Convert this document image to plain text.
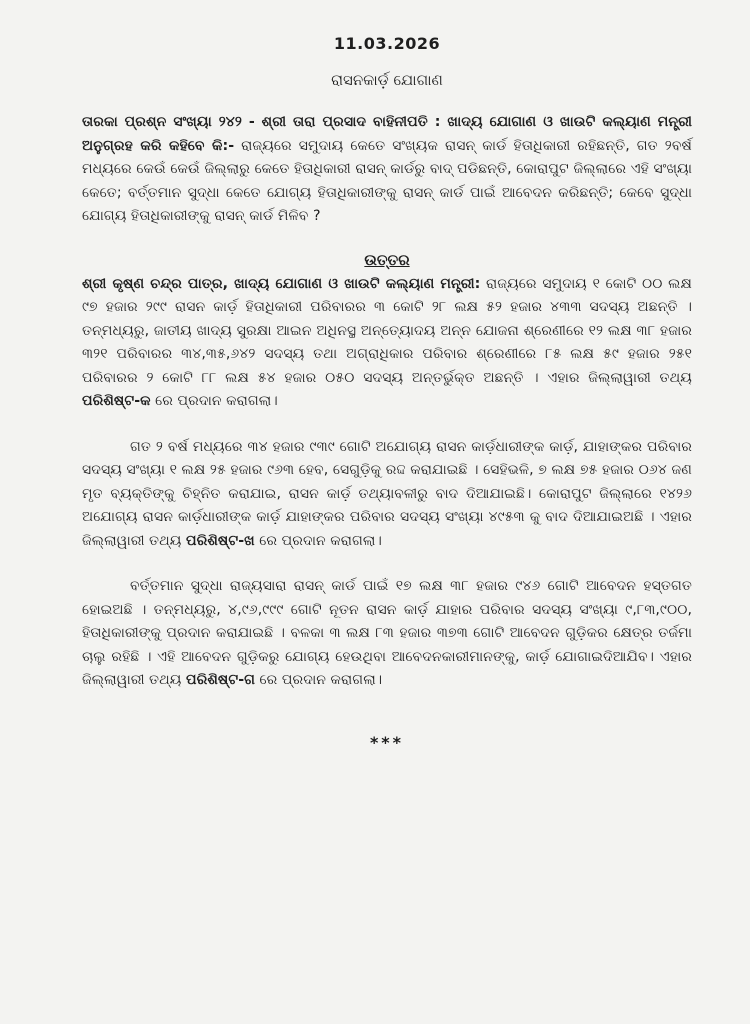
11.03.2026
ରାସନକାର୍ଡ଼ ଯୋଗାଣ
ତାରକା ପ୍ରଶ୍ନ ସଂଖ୍ୟା ୨୪୨ - ଶ୍ରୀ ତାରା ପ୍ରସାଦ ବାହିନୀପତି : ଖାଦ୍ୟ ଯୋଗାଣ ଓ ଖାଉଟି କଲ୍ୟାଣ ମନ୍ତ୍ରୀ ଅନୁଗ୍ରହ କରି କହିବେ କି:- ରାଜ୍ୟରେ ସମୁଦାୟ କେତେ ସଂଖ୍ୟକ ରାସନ୍ କାର୍ଡ ହିତାଧିକାରୀ ରହିଛନ୍ତି, ଗତ ୨ବର୍ଷ ମଧ୍ୟରେ କେଉଁ କେଉଁ ଜିଲ୍ଲାରୁ କେତେ ହିତାଧିକାରୀ ରାସନ୍ କାର୍ଡରୁ ବାଦ୍ ପଡିଛନ୍ତି, କୋରାପୁଟ ଜିଲ୍ଲାରେ ଏହି ସଂଖ୍ୟା କେତେ; ବର୍ତ୍ତମାନ ସୁଦ୍ଧା କେତେ ଯୋଗ୍ୟ ହିତାଧିକାରୀଙ୍କୁ ରାସନ୍ କାର୍ଡ ପାଇଁ ଆବେଦନ କରିଛନ୍ତି; କେବେ ସୁଦ୍ଧା ଯୋଗ୍ୟ ହିତାଧିକାରୀଙ୍କୁ ରାସନ୍ କାର୍ଡ ମିଳିବ ?
ଉତ୍ତର
ଶ୍ରୀ କୃଷ୍ଣ ଚନ୍ଦ୍ର ପାତ୍ର, ଖାଦ୍ୟ ଯୋଗାଣ ଓ ଖାଉଟି କଲ୍ୟାଣ ମନ୍ତ୍ରୀ: ରାଜ୍ୟରେ ସମୁଦାୟ ୧ କୋଟି ୦୦ ଲକ୍ଷ ୯୭ ହଜାର ୨୯୯ ରାସନ କାର୍ଡ଼ ହିତାଧିକାରୀ ପରିବାରର ୩ କୋଟି ୨୮ ଲକ୍ଷ ୫୨ ହଜାର ୪୩୩ ସଦସ୍ୟ ଅଛନ୍ତି । ତନ୍ମଧ୍ୟରୁ, ଜାତୀୟ ଖାଦ୍ୟ ସୁରକ୍ଷା ଆଇନ ଅଧିନସ୍ଥ ଅନ୍ତ୍ୟୋଦୟ ଅନ୍ନ ଯୋଜନା ଶ୍ରେଣୀରେ ୧୨ ଲକ୍ଷ ୩୮ ହଜାର ୩୨୧ ପରିବାରର ୩୪,୩୫,୬୪୨ ସଦସ୍ୟ ତଥା ଅଗ୍ରାଧିକାର ପରିବାର ଶ୍ରେଣୀରେ ୮୫ ଲକ୍ଷ ୫୯ ହଜାର ୨୫୧ ପରିବାରର ୨ କୋଟି ୮୮ ଲକ୍ଷ ୫୪ ହଜାର ୦୫୦ ସଦସ୍ୟ ଅନ୍ତର୍ଭୁକ୍ତ ଅଛନ୍ତି । ଏହାର ଜିଲ୍ଲାୱାରୀ ତଥ୍ୟ ପରିଶିଷ୍ଟ-କ ରେ ପ୍ରଦାନ କରାଗଲା।
ଗତ ୨ ବର୍ଷ ମଧ୍ୟରେ ୩୪ ହଜାର ୯୩୯ ଗୋଟି ଅଯୋଗ୍ୟ ରାସନ କାର୍ଡ଼ଧାରୀଙ୍କ କାର୍ଡ଼, ଯାହାଙ୍କର ପରିବାର ସଦସ୍ୟ ସଂଖ୍ୟା ୧ ଲକ୍ଷ ୨୫ ହଜାର ୯୬୩ ହେବ, ସେଗୁଡ଼ିକୁ ରଦ୍ଦ କରାଯାଇଛି । ସେହିଭଳି, ୭ ଲକ୍ଷ ୭୫ ହଜାର ୦୬୪ ଜଣ ମୃତ ବ୍ୟକ୍ତିଙ୍କୁ ଚିହ୍ନିତ କରାଯାଇ, ରାସନ କାର୍ଡ଼ ତଥ୍ୟାବଳୀରୁ ବାଦ ଦିଆଯାଇଛି। କୋରାପୁଟ ଜିଲ୍ଲାରେ ୧୪୨୬ ଅଯୋଗ୍ୟ ରାସନ କାର୍ଡ଼ଧାରୀଙ୍କ କାର୍ଡ଼ ଯାହାଙ୍କର ପରିବାର ସଦସ୍ୟ ସଂଖ୍ୟା ୪୯୫୩ କୁ ବାଦ ଦିଆଯାଇଅଛି । ଏହାର ଜିଲ୍ଲାୱାରୀ ତଥ୍ୟ ପରିଶିଷ୍ଟ-ଖ ରେ ପ୍ରଦାନ କରାଗଲା।
ବର୍ତ୍ତମାନ ସୁଦ୍ଧା ରାଜ୍ୟସାରା ରାସନ୍ କାର୍ଡ ପାଇଁ ୧୭ ଲକ୍ଷ ୩୮ ହଜାର ୯୪୬ ଗୋଟି ଆବେଦନ ହସ୍ତଗତ ହୋଇଅଛି । ତନ୍ମଧ୍ୟରୁ, ୪,୯୬,୯୯୯ ଗୋଟି ନୂତନ ରାସନ କାର୍ଡ଼ ଯାହାର ପରିବାର ସଦସ୍ୟ ସଂଖ୍ୟା ୯,୮୩,୯୦୦, ହିତାଧିକାରୀଙ୍କୁ ପ୍ରଦାନ କରାଯାଇଛି । ବଳକା ୩ ଲକ୍ଷ ୮୩ ହଜାର ୩୭୩ ଗୋଟି ଆବେଦନ ଗୁଡ଼ିକର କ୍ଷେତ୍ର ତର୍ଜମା ଚାଲୁ ରହିଛି । ଏହି ଆବେଦନ ଗୁଡ଼ିକରୁ ଯୋଗ୍ୟ ହେଉଥିବା ଆବେଦନକାରୀମାନଙ୍କୁ, କାର୍ଡ଼ ଯୋଗାଇଦିଆଯିବ। ଏହାର ଜିଲ୍ଲାୱାରୀ ତଥ୍ୟ ପରିଶିଷ୍ଟ-ଗ ରେ ପ୍ରଦାନ କରାଗଲା।
***
